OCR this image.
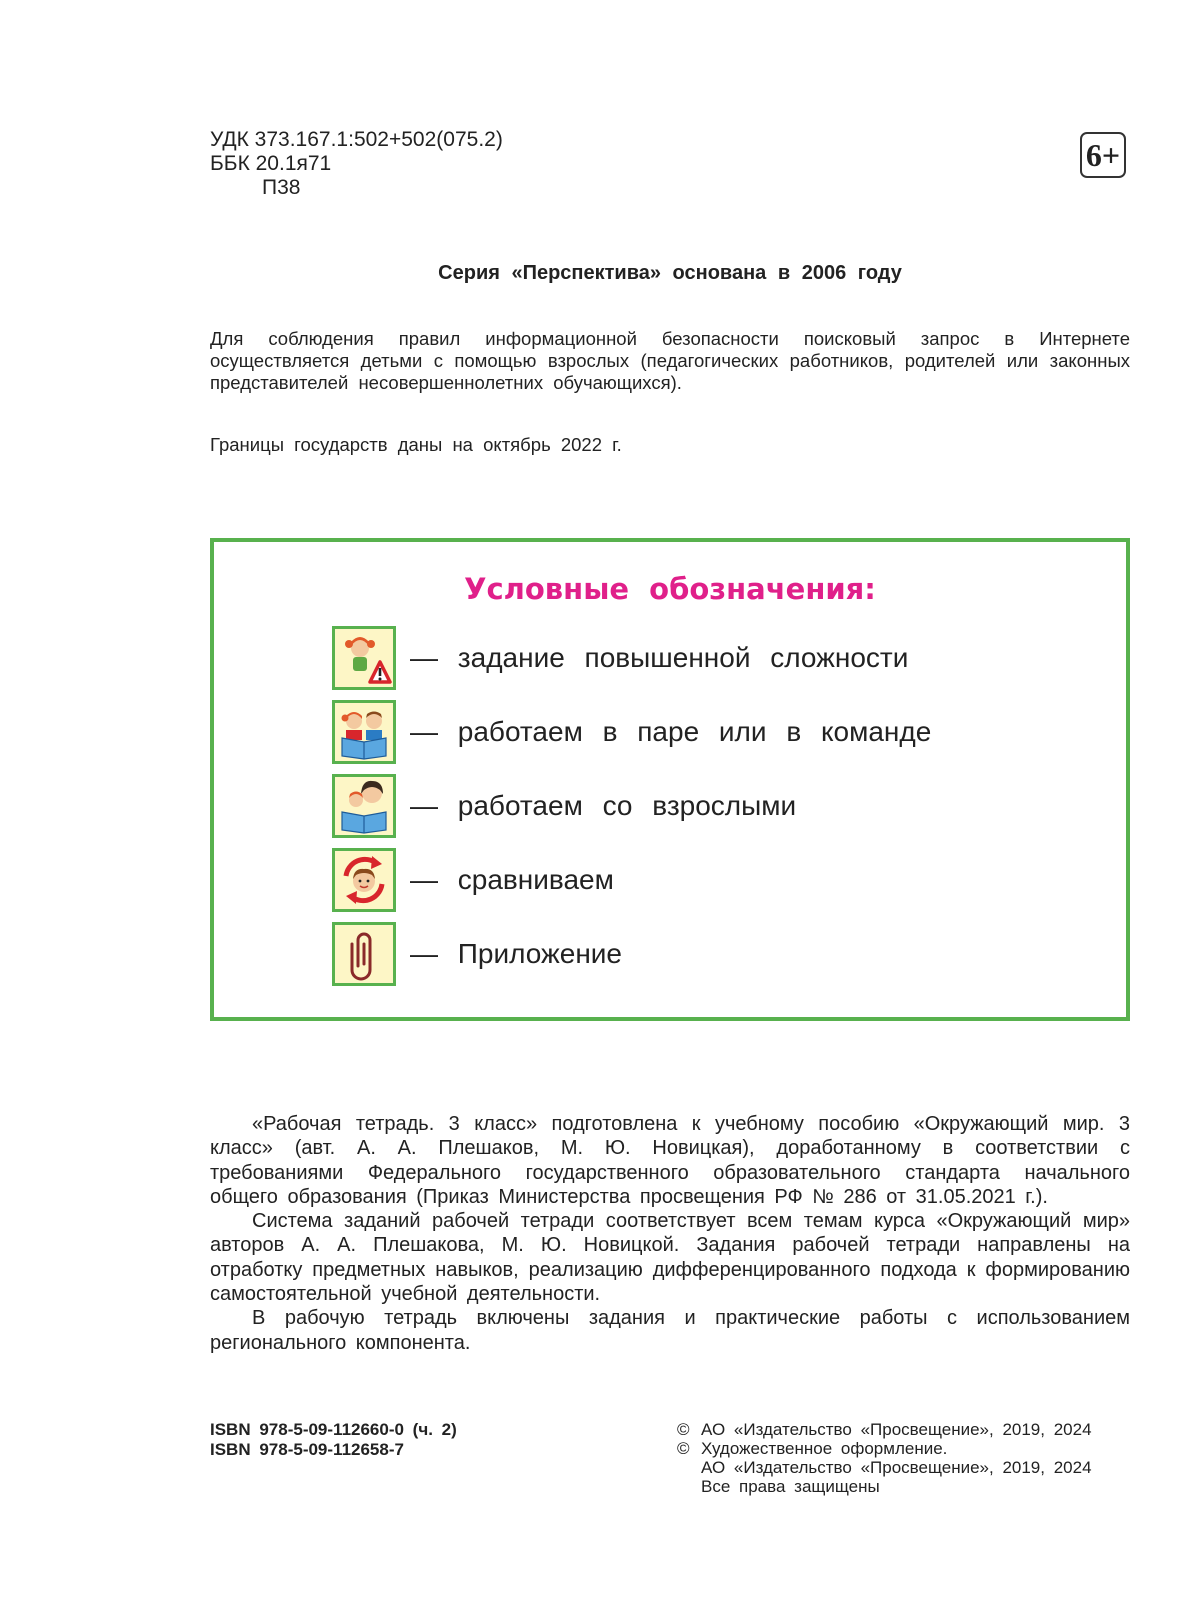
УДК 373.167.1:502+502(075.2)
ББК 20.1я71
П38
6+
Серия «Перспектива» основана в 2006 году
Для соблюдения правил информационной безопасности поисковый запрос в Интернете осуществляется детьми с помощью взрослых (педагогических работников, родителей или законных представителей несовершеннолетних обучающихся).
Границы государств даны на октябрь 2022 г.
Условные обозначения:
— задание повышенной сложности
— работаем в паре или в команде
— работаем со взрослыми
— сравниваем
— Приложение

«Рабочая тетрадь. 3 класс» подготовлена к учебному пособию «Окружающий мир. 3 класс» (авт. А. А. Плешаков, М. Ю. Новицкая), доработанному в соответствии с требованиями Федерального государственного образовательного стандарта начального общего образования (Приказ Министерства просвещения РФ № 286 от 31.05.2021 г.).

Система заданий рабочей тетради соответствует всем темам курса «Окружающий мир» авторов А. А. Плешакова, М. Ю. Новицкой. Задания рабочей тетради направлены на отработку предметных навыков, реализацию дифференцированного подхода к формированию самостоятельной учебной деятельности.

В рабочую тетрадь включены задания и практические работы с использованием регионального компонента.

ISBN 978-5-09-112660-0 (ч. 2)
ISBN 978-5-09-112658-7
© АО «Издательство «Просвещение», 2019, 2024
© Художественное оформление.
АО «Издательство «Просвещение», 2019, 2024
Все права защищены
